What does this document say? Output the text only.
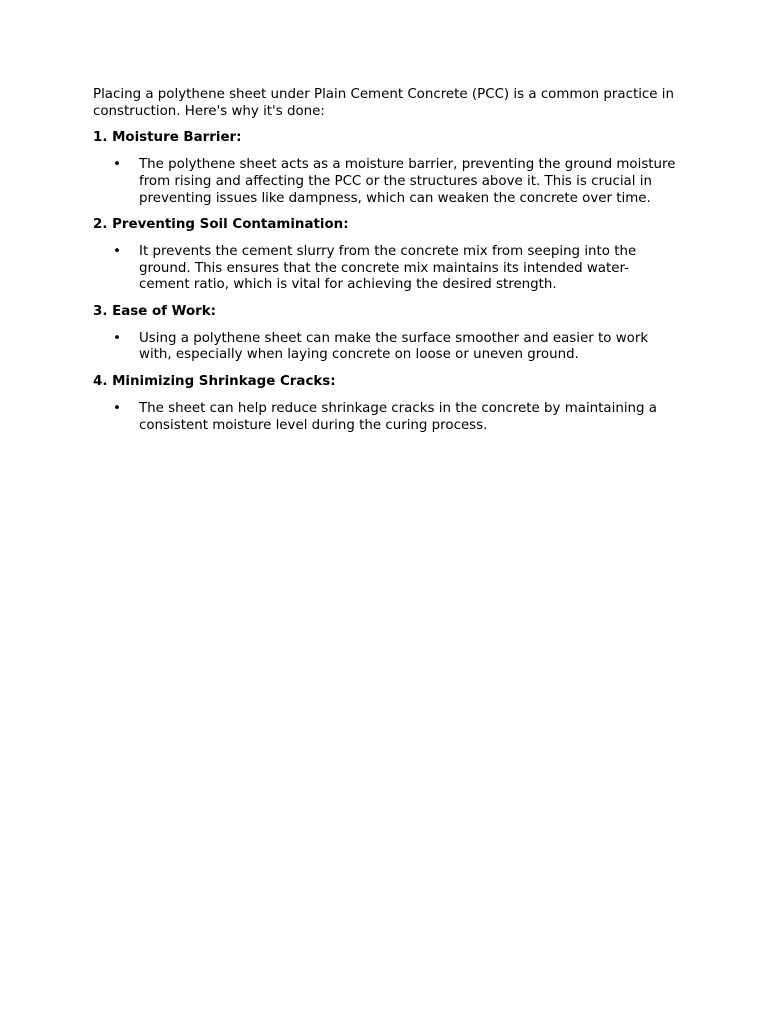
Placing a polythene sheet under Plain Cement Concrete (PCC) is a common practice in construction. Here's why it's done:

1. Moisture Barrier:

• The polythene sheet acts as a moisture barrier, preventing the ground moisture from rising and affecting the PCC or the structures above it. This is crucial in preventing issues like dampness, which can weaken the concrete over time.

2. Preventing Soil Contamination:

• It prevents the cement slurry from the concrete mix from seeping into the ground. This ensures that the concrete mix maintains its intended water-cement ratio, which is vital for achieving the desired strength.

3. Ease of Work:

• Using a polythene sheet can make the surface smoother and easier to work with, especially when laying concrete on loose or uneven ground.

4. Minimizing Shrinkage Cracks:

• The sheet can help reduce shrinkage cracks in the concrete by maintaining a consistent moisture level during the curing process.
